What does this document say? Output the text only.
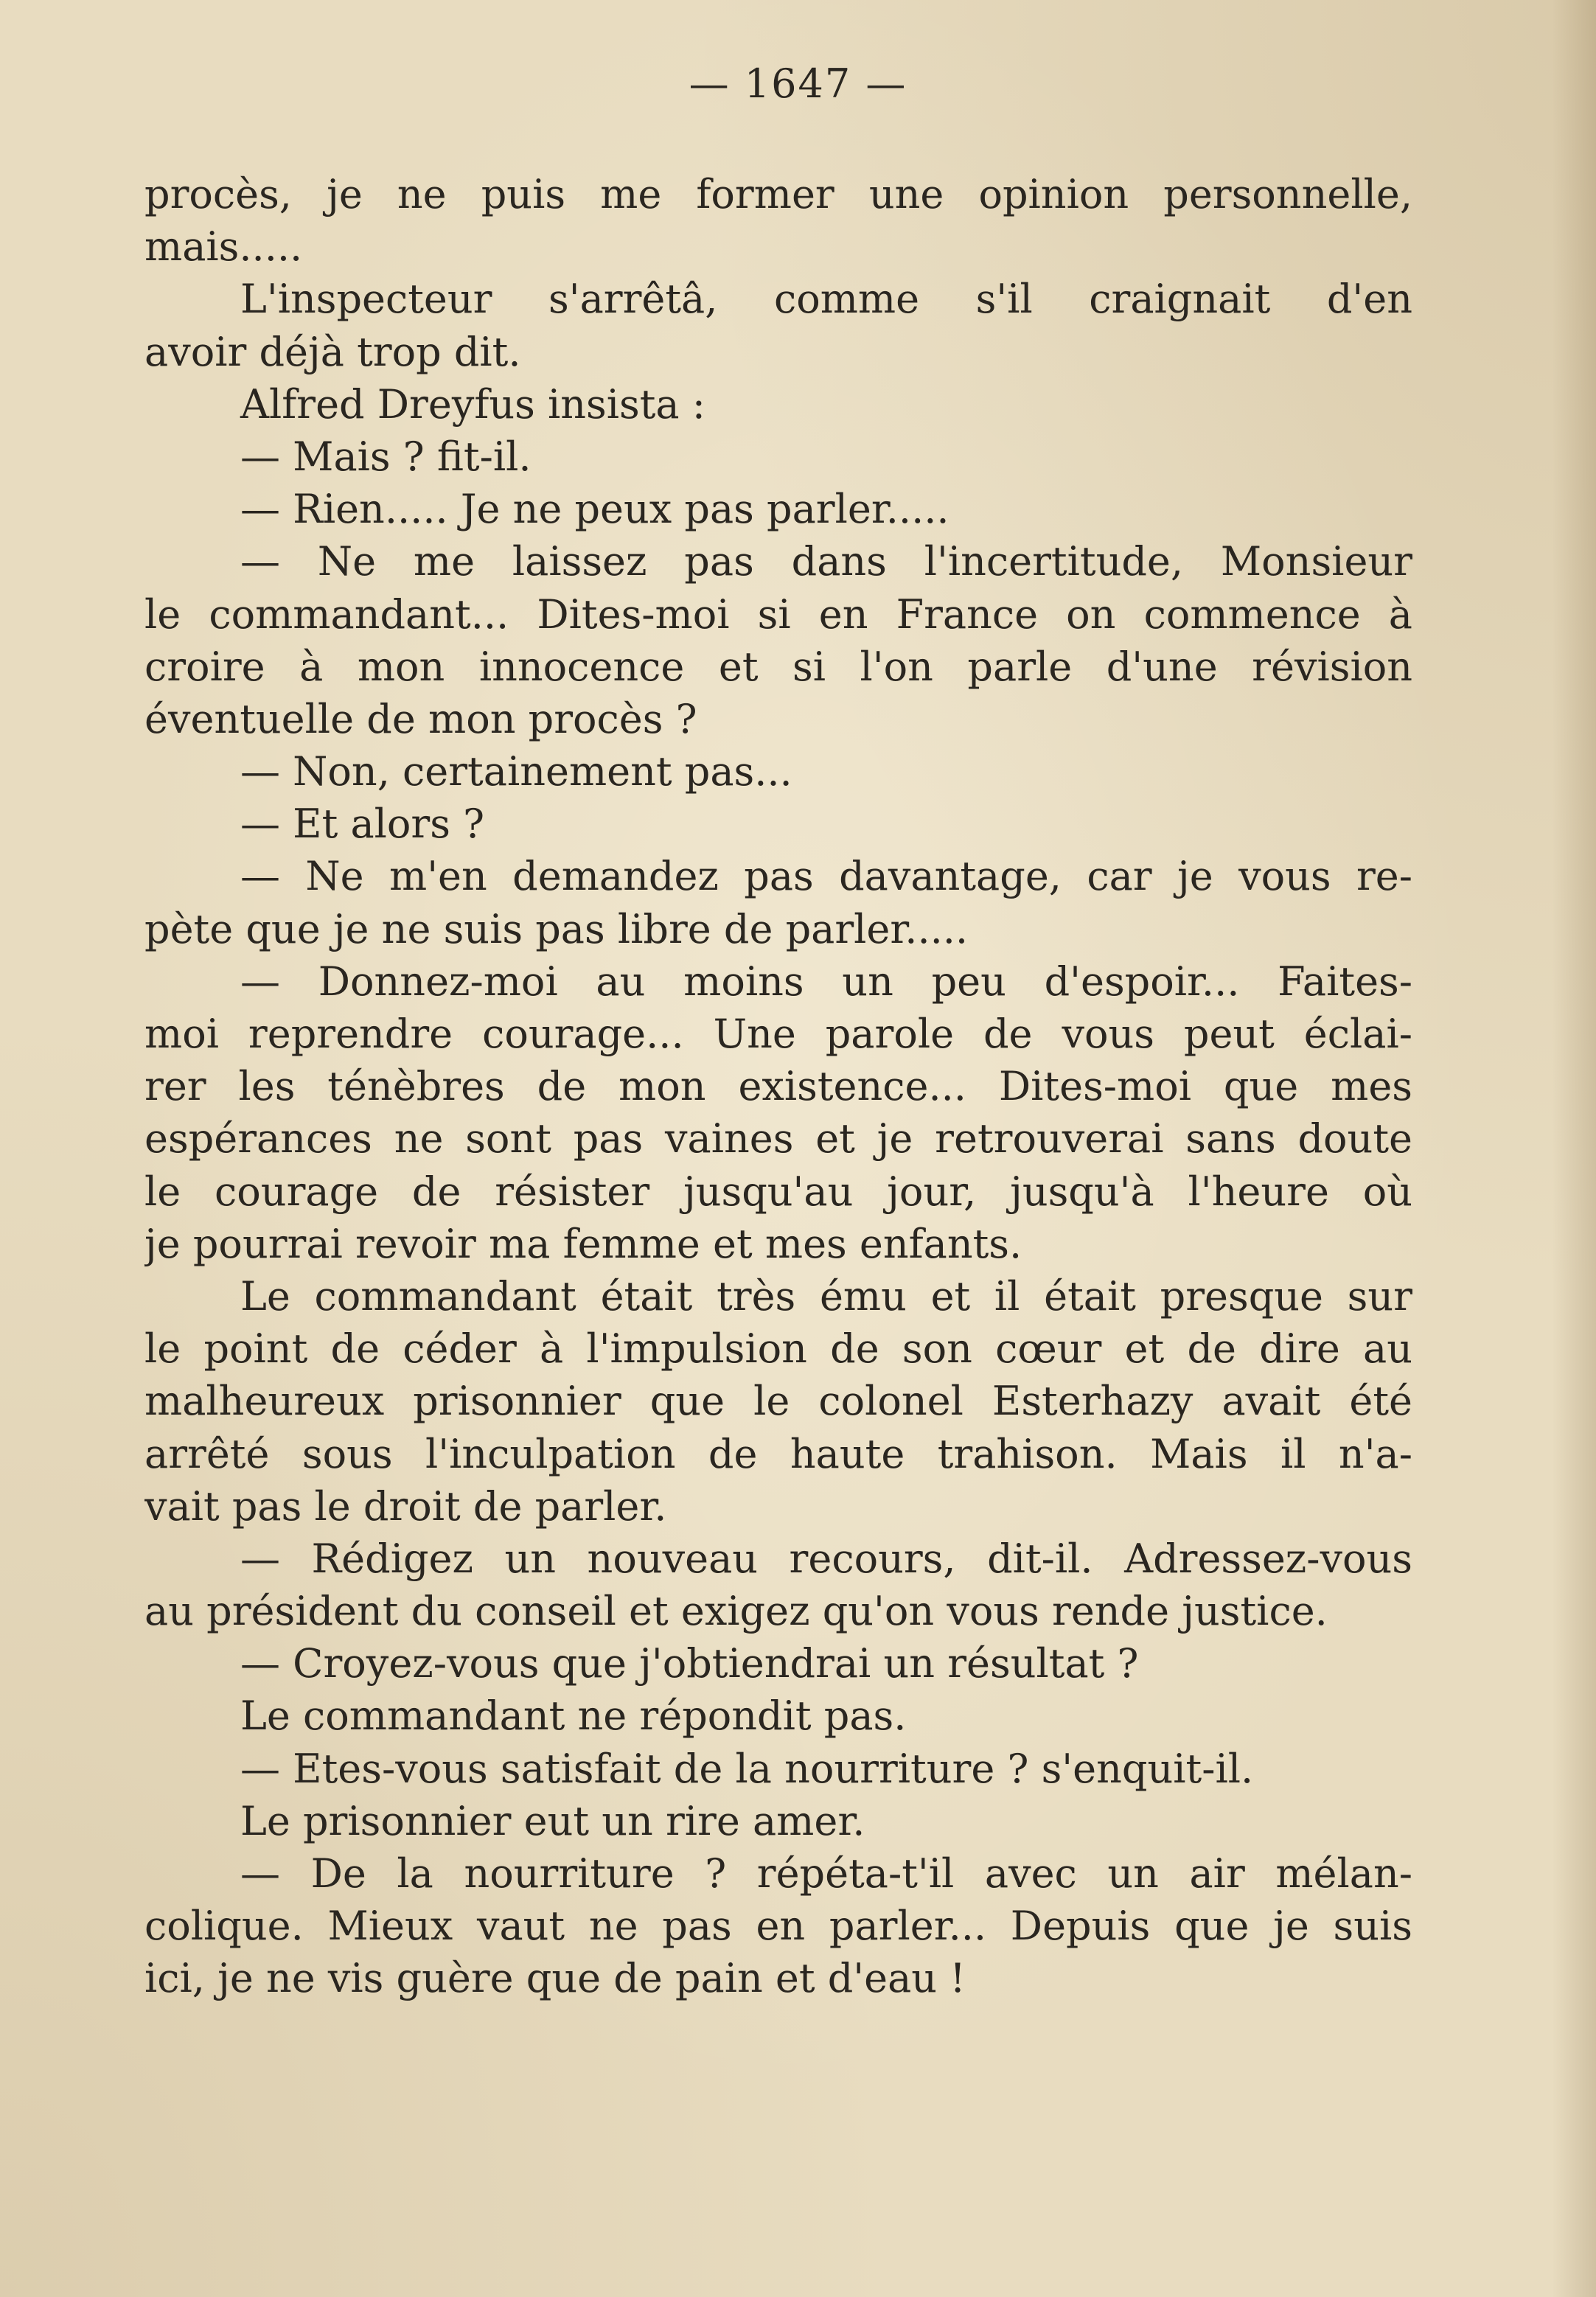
— 1647 —
procès, je ne puis me former une opinion personnelle,
mais.....
L'inspecteur s'arrêtâ, comme s'il craignait d'en
avoir déjà trop dit.
Alfred Dreyfus insista :
— Mais ? fit-il.
— Rien..... Je ne peux pas parler.....
— Ne me laissez pas dans l'incertitude, Monsieur
le commandant... Dites-moi si en France on commence à
croire à mon innocence et si l'on parle d'une révision
éventuelle de mon procès ?
— Non, certainement pas...
— Et alors ?
— Ne m'en demandez pas davantage, car je vous re-
pète que je ne suis pas libre de parler.....
— Donnez-moi au moins un peu d'espoir... Faites-
moi reprendre courage... Une parole de vous peut éclai-
rer les ténèbres de mon existence... Dites-moi que mes
espérances ne sont pas vaines et je retrouverai sans doute
le courage de résister jusqu'au jour, jusqu'à l'heure où
je pourrai revoir ma femme et mes enfants.
Le commandant était très ému et il était presque sur
le point de céder à l'impulsion de son cœur et de dire au
malheureux prisonnier que le colonel Esterhazy avait été
arrêté sous l'inculpation de haute trahison. Mais il n'a-
vait pas le droit de parler.
— Rédigez un nouveau recours, dit-il. Adressez-vous
au président du conseil et exigez qu'on vous rende justice.
— Croyez-vous que j'obtiendrai un résultat ?
Le commandant ne répondit pas.
— Etes-vous satisfait de la nourriture ? s'enquit-il.
Le prisonnier eut un rire amer.
— De la nourriture ? répéta-t'il avec un air mélan-
colique. Mieux vaut ne pas en parler... Depuis que je suis
ici, je ne vis guère que de pain et d'eau !
